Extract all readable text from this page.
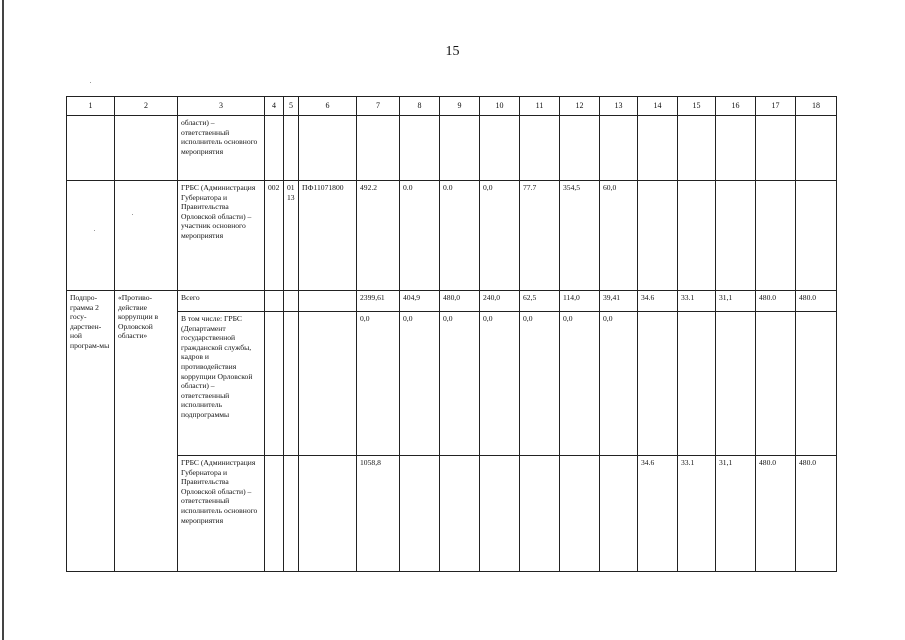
15
1	2	3	4	5	6	7	8	9	10	11	12	13	14	15	16	17	18
		области) – ответственный исполнитель основного мероприятия															
		ГРБС (Администрация Губернатора и Правительства Орловской области) – участник основного мероприятия	002	01 13	ПФ11071800	492.2	0.0	0.0	0,0	77.7	354,5	60,0					
Подпро-грамма 2 госу-дарствен-ной програм-мы	«Противо-действие коррупции в Орловской области»	Всего				2399,61	404,9	480,0	240,0	62,5	114,0	39,41	34.6	33.1	31,1	480.0	480.0
		В том числе: ГРБС (Департамент государственной гражданской службы, кадров и противодействия коррупции Орловской области) – ответственный исполнитель подпрограммы				0,0	0,0	0,0	0,0	0,0	0,0	0,0					
		ГРБС (Администрация Губернатора и Правительства Орловской области) – ответственный исполнитель основного мероприятия				1058,8							34.6	33.1	31,1	480.0	480.0
